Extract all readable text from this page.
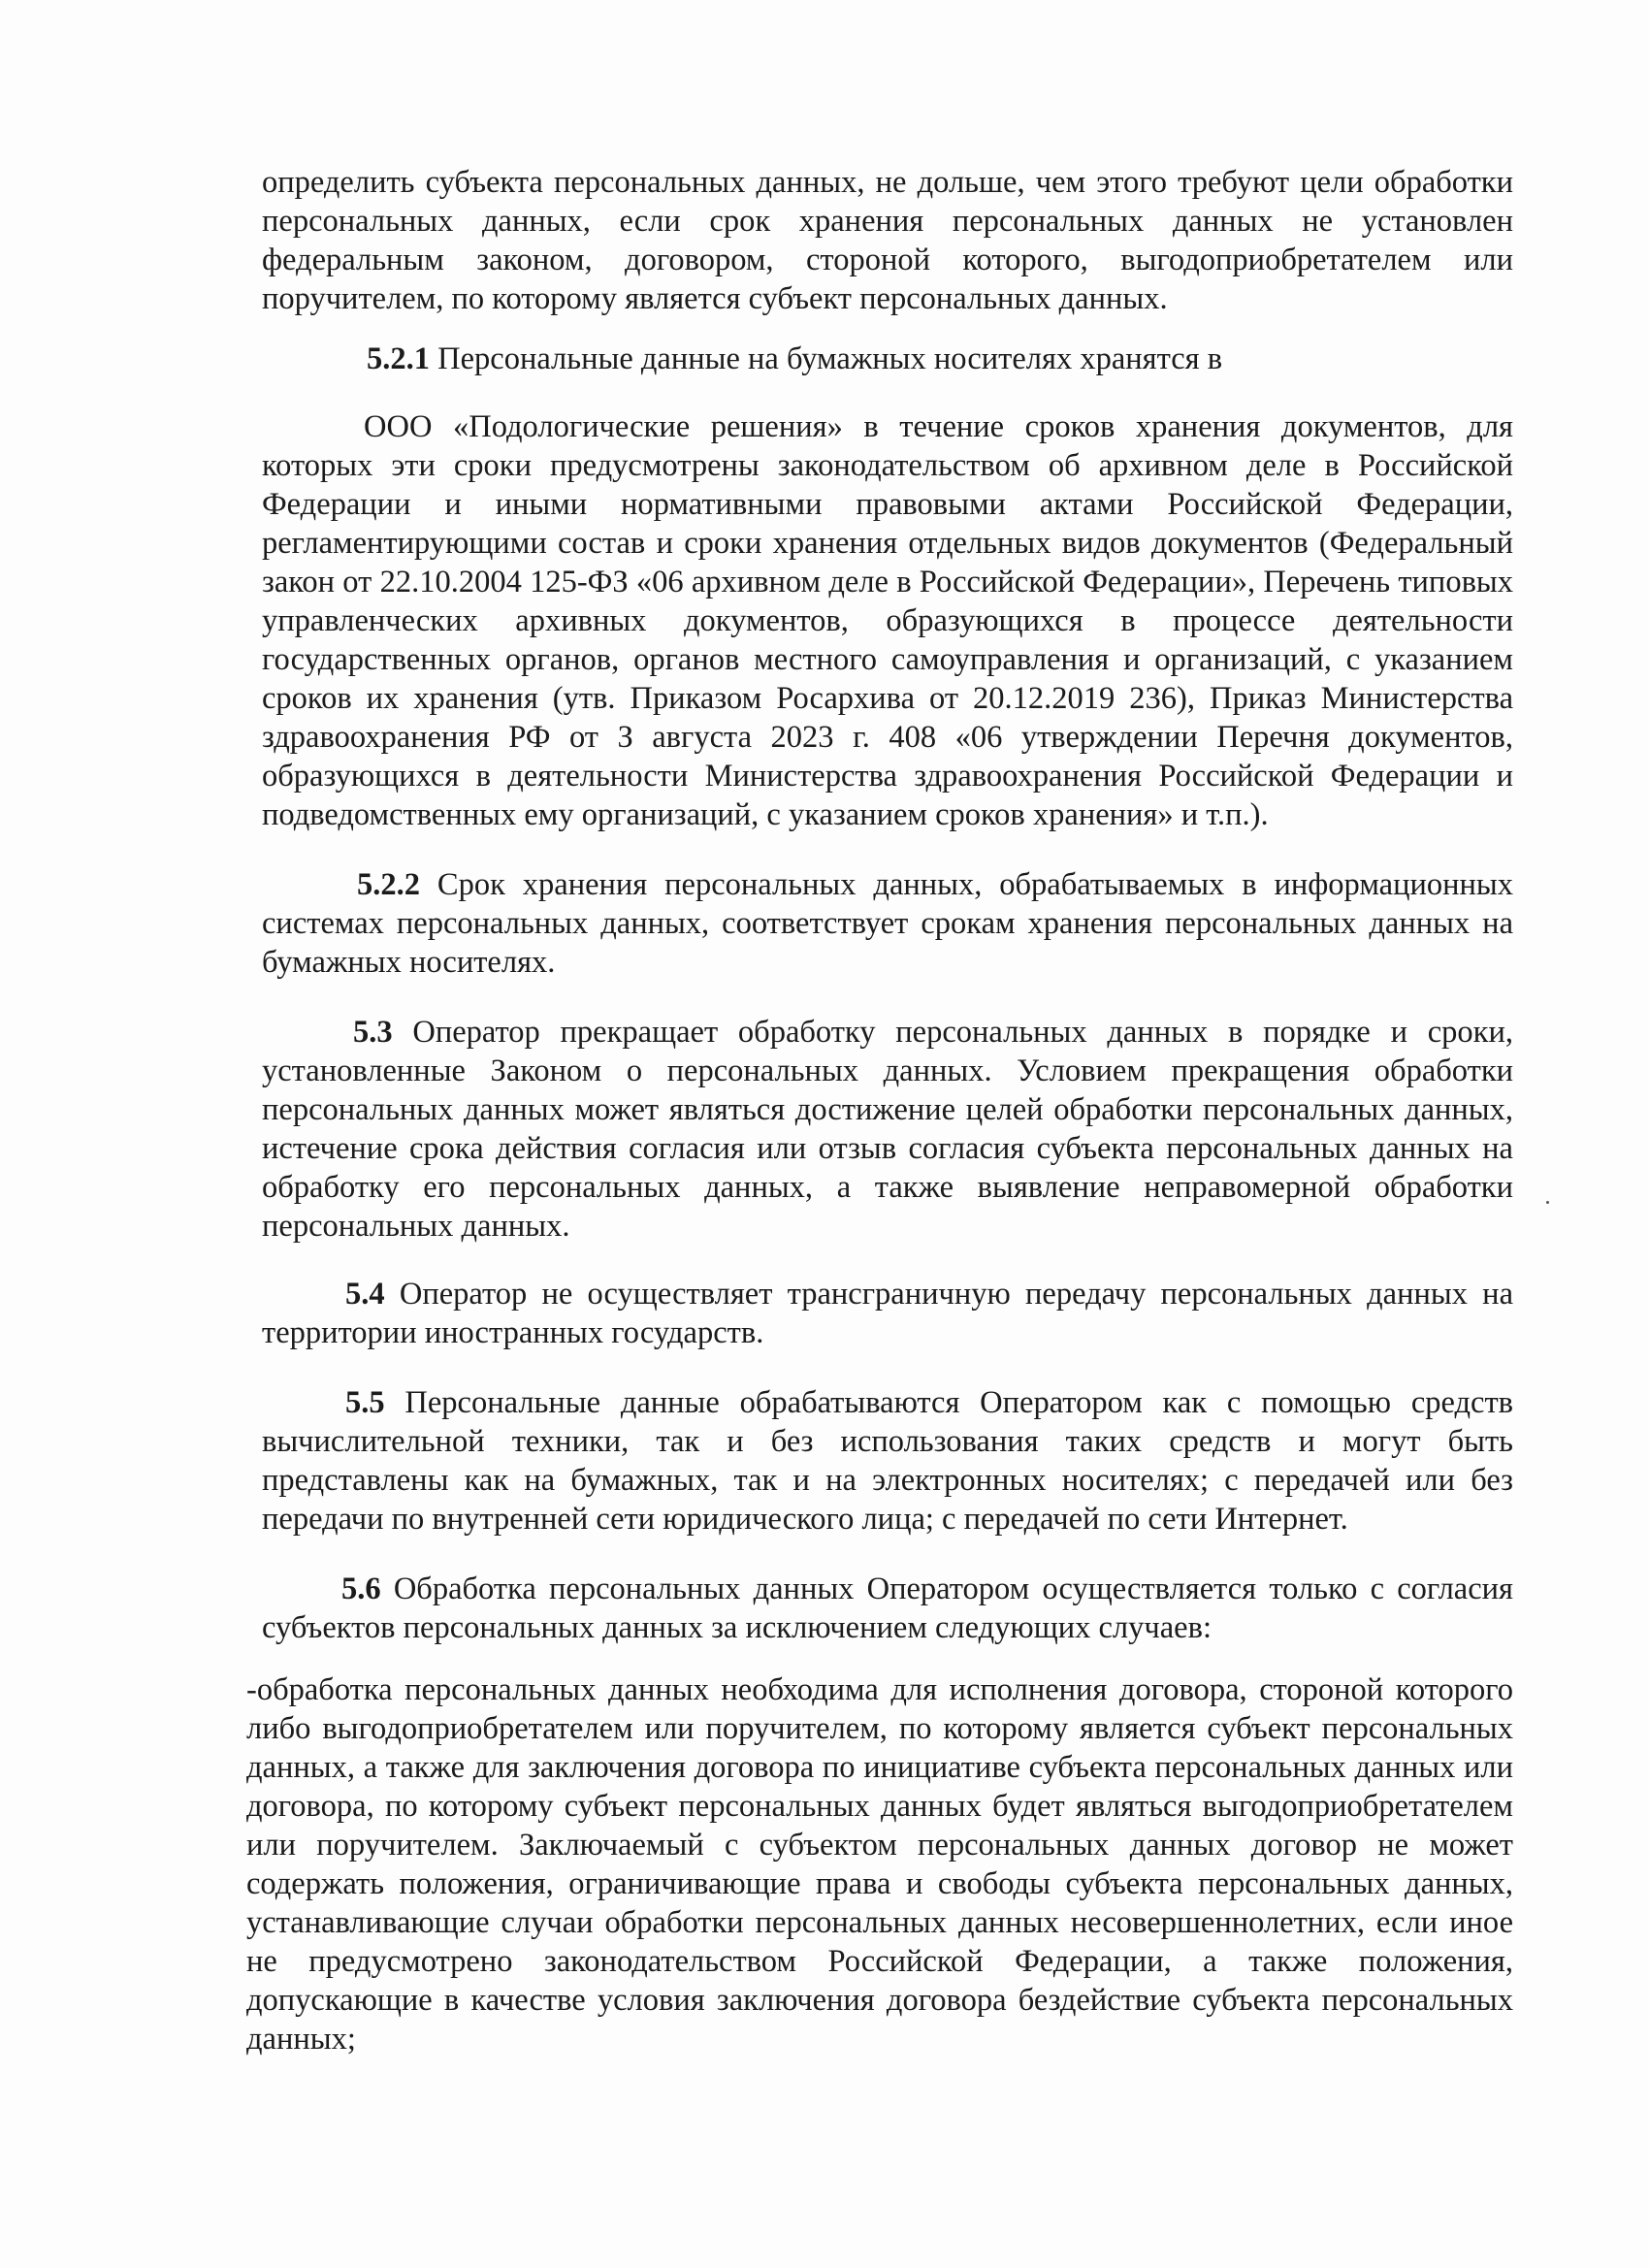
определить субъекта персональных данных, не дольше, чем этого требуют цели обработки персональных данных, если срок хранения персональных данных не установлен федеральным законом, договором, стороной которого, выгодоприобретателем или поручителем, по которому является субъект персональных данных.

5.2.1 Персональные данные на бумажных носителях хранятся в

ООО «Подологические решения» в течение сроков хранения документов, для которых эти сроки предусмотрены законодательством об архивном деле в Российской Федерации и иными нормативными правовыми актами Российской Федерации, регламентирующими состав и сроки хранения отдельных видов документов (Федеральный закон от 22.10.2004 125-ФЗ «06 архивном деле в Российской Федерации», Перечень типовых управленческих архивных документов, образующихся в процессе деятельности государственных органов, органов местного самоуправления и организаций, с указанием сроков их хранения (утв. Приказом Росархива от 20.12.2019 236), Приказ Министерства здравоохранения РФ от З августа 2023 г. 408 «06 утверждении Перечня документов, образующихся в деятельности Министерства здравоохранения Российской Федерации и подведомственных ему организаций, с указанием сроков хранения» и т.п.).

5.2.2 Срок хранения персональных данных, обрабатываемых в информационных системах персональных данных, соответствует срокам хранения персональных данных на бумажных носителях.

5.3 Оператор прекращает обработку персональных данных в порядке и сроки, установленные Законом о персональных данных. Условием прекращения обработки персональных данных может являться достижение целей обработки персональных данных, истечение срока действия согласия или отзыв согласия субъекта персональных данных на обработку его персональных данных, а также выявление неправомерной обработки персональных данных.

5.4 Оператор не осуществляет трансграничную передачу персональных данных на территории иностранных государств.

5.5 Персональные данные обрабатываются Оператором как с помощью средств вычислительной техники, так и без использования таких средств и могут быть представлены как на бумажных, так и на электронных носителях; с передачей или без передачи по внутренней сети юридического лица; с передачей по сети Интернет.

5.6 Обработка персональных данных Оператором осуществляется только с согласия субъектов персональных данных за исключением следующих случаев:

-обработка персональных данных необходима для исполнения договора, стороной которого либо выгодоприобретателем или поручителем, по которому является субъект персональных данных, а также для заключения договора по инициативе субъекта персональных данных или договора, по которому субъект персональных данных будет являться выгодоприобретателем или поручителем. Заключаемый с субъектом персональных данных договор не может содержать положения, ограничивающие права и свободы субъекта персональных данных, устанавливающие случаи обработки персональных данных несовершеннолетних, если иное не предусмотрено законодательством Российской Федерации, а также положения, допускающие в качестве условия заключения договора бездействие субъекта персональных данных;
